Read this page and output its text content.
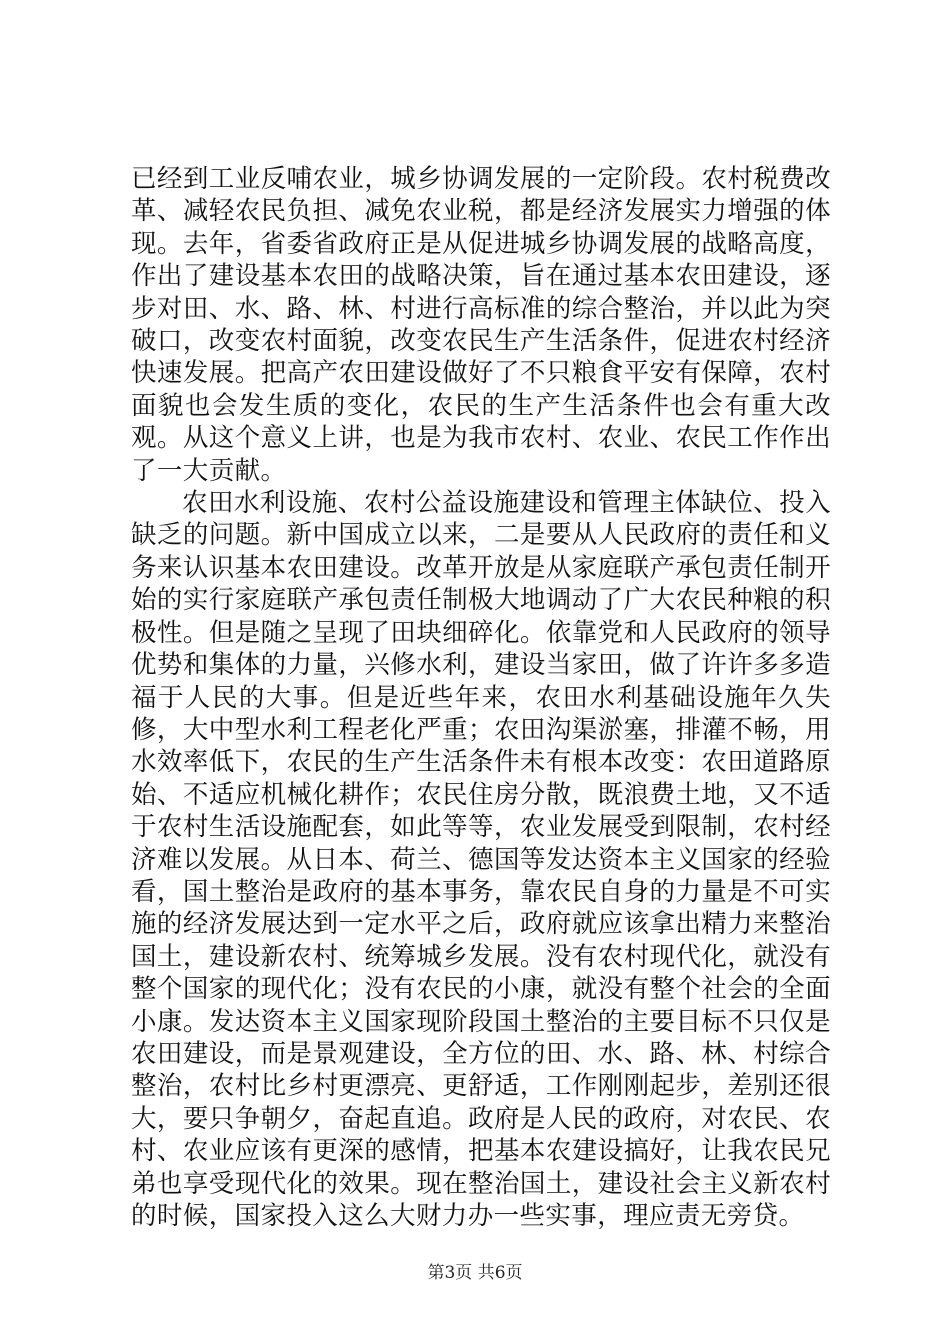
已经到工业反哺农业，城乡协调发展的一定阶段。农村税费改革、减轻农民负担、减免农业税，都是经济发展实力增强的体现。去年，省委省政府正是从促进城乡协调发展的战略高度，作出了建设基本农田的战略决策，旨在通过基本农田建设，逐步对田、水、路、林、村进行高标准的综合整治，并以此为突破口，改变农村面貌，改变农民生产生活条件，促进农村经济快速发展。把高产农田建设做好了不只粮食平安有保障，农村面貌也会发生质的变化，农民的生产生活条件也会有重大改观。从这个意义上讲，也是为我市农村、农业、农民工作作出了一大贡献。

农田水利设施、农村公益设施建设和管理主体缺位、投入缺乏的问题。新中国成立以来，二是要从人民政府的责任和义务来认识基本农田建设。改革开放是从家庭联产承包责任制开始的实行家庭联产承包责任制极大地调动了广大农民种粮的积极性。但是随之呈现了田块细碎化。依靠党和人民政府的领导优势和集体的力量，兴修水利，建设当家田，做了许许多多造福于人民的大事。但是近些年来，农田水利基础设施年久失修，大中型水利工程老化严重；农田沟渠淤塞，排灌不畅，用水效率低下，农民的生产生活条件未有根本改变：农田道路原始、不适应机械化耕作；农民住房分散，既浪费土地，又不适于农村生活设施配套，如此等等，农业发展受到限制，农村经济难以发展。从日本、荷兰、德国等发达资本主义国家的经验看，国土整治是政府的基本事务，靠农民自身的力量是不可实施的经济发展达到一定水平之后，政府就应该拿出精力来整治国土，建设新农村、统筹城乡发展。没有农村现代化，就没有整个国家的现代化；没有农民的小康，就没有整个社会的全面小康。发达资本主义国家现阶段国土整治的主要目标不只仅是农田建设，而是景观建设，全方位的田、水、路、林、村综合整治，农村比乡村更漂亮、更舒适，工作刚刚起步，差别还很大，要只争朝夕，奋起直追。政府是人民的政府，对农民、农村、农业应该有更深的感情，把基本农建设搞好，让我农民兄弟也享受现代化的效果。现在整治国土，建设社会主义新农村的时候，国家投入这么大财力办一些实事，理应责无旁贷。

第3页 共6页
